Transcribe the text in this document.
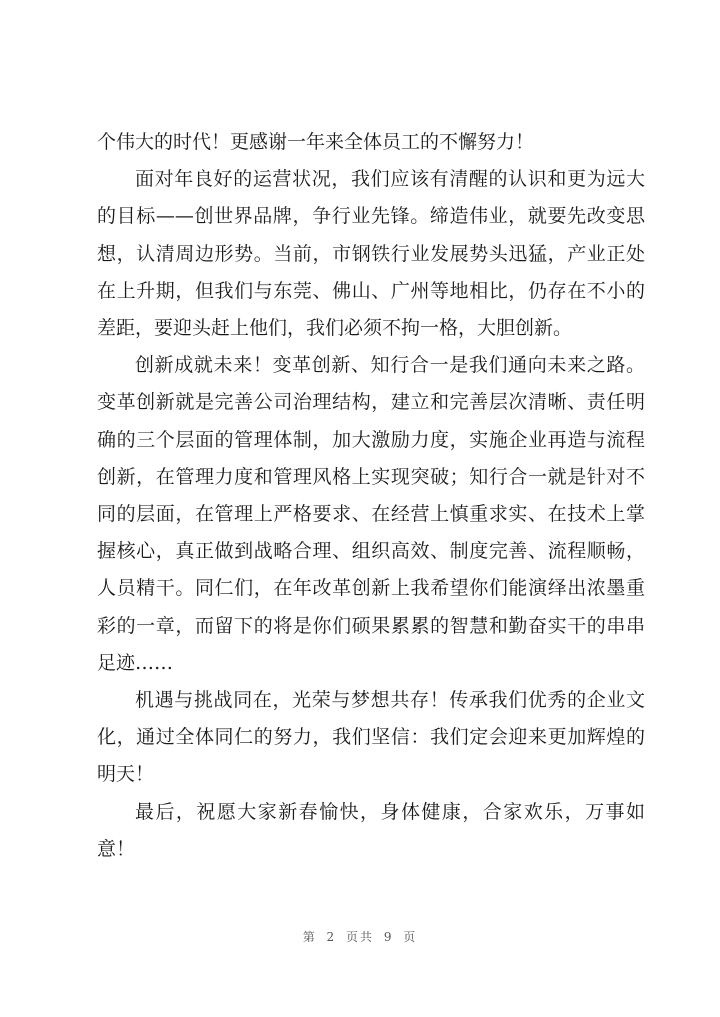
个伟大的时代！更感谢一年来全体员工的不懈努力！

面对年良好的运营状况，我们应该有清醒的认识和更为远大的目标——创世界品牌，争行业先锋。缔造伟业，就要先改变思想，认清周边形势。当前，市钢铁行业发展势头迅猛，产业正处在上升期，但我们与东莞、佛山、广州等地相比，仍存在不小的差距，要迎头赶上他们，我们必须不拘一格，大胆创新。

创新成就未来！变革创新、知行合一是我们通向未来之路。变革创新就是完善公司治理结构，建立和完善层次清晰、责任明确的三个层面的管理体制，加大激励力度，实施企业再造与流程创新，在管理力度和管理风格上实现突破；知行合一就是针对不同的层面，在管理上严格要求、在经营上慎重求实、在技术上掌握核心，真正做到战略合理、组织高效、制度完善、流程顺畅，人员精干。同仁们，在年改革创新上我希望你们能演绎出浓墨重彩的一章，而留下的将是你们硕果累累的智慧和勤奋实干的串串足迹……

机遇与挑战同在，光荣与梦想共存！传承我们优秀的企业文化，通过全体同仁的努力，我们坚信：我们定会迎来更加辉煌的明天！

最后，祝愿大家新春愉快，身体健康，合家欢乐，万事如意！

第 2 页共 9 页
